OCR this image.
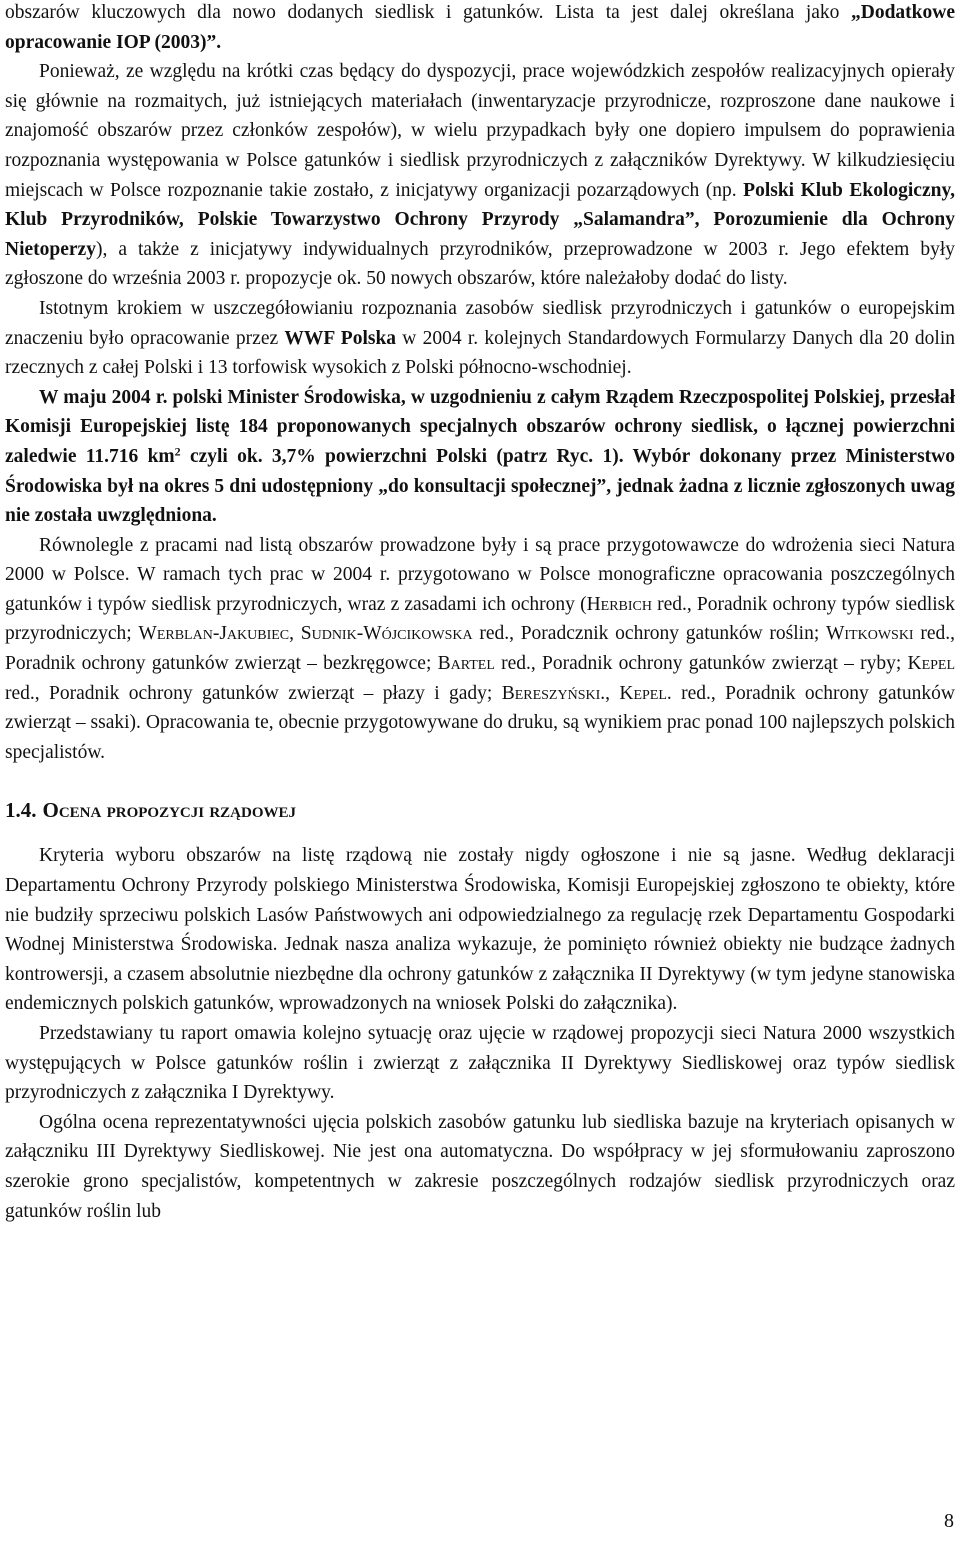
obszarów kluczowych dla nowo dodanych siedlisk i gatunków. Lista ta jest dalej określana jako „Dodatkowe opracowanie IOP (2003)”.

Ponieważ, ze względu na krótki czas będący do dyspozycji, prace wojewódzkich zespołów realizacyjnych opierały się głównie na rozmaitych, już istniejących materiałach (inwentaryzacje przyrodnicze, rozproszone dane naukowe i znajomość obszarów przez członków zespołów), w wielu przypadkach były one dopiero impulsem do poprawienia rozpoznania występowania w Polsce gatunków i siedlisk przyrodniczych z załączników Dyrektywy. W kilkudziesięciu miejscach w Polsce rozpoznanie takie zostało, z inicjatywy organizacji pozarządowych (np. Polski Klub Ekologiczny, Klub Przyrodników, Polskie Towarzystwo Ochrony Przyrody „Salamandra”, Porozumienie dla Ochrony Nietoperzy), a także z inicjatywy indywidualnych przyrodników, przeprowadzone w 2003 r. Jego efektem były zgłoszone do września 2003 r. propozycje ok. 50 nowych obszarów, które należałoby dodać do listy.

Istotnym krokiem w uszczegółowianiu rozpoznania zasobów siedlisk przyrodniczych i gatunków o europejskim znaczeniu było opracowanie przez WWF Polska w 2004 r. kolejnych Standardowych Formularzy Danych dla 20 dolin rzecznych z całej Polski i 13 torfowisk wysokich z Polski północno-wschodniej.

W maju 2004 r. polski Minister Środowiska, w uzgodnieniu z całym Rządem Rzeczpospolitej Polskiej, przesłał Komisji Europejskiej listę 184 proponowanych specjalnych obszarów ochrony siedlisk, o łącznej powierzchni zaledwie 11.716 $km^2$ czyli ok. 3,7% powierzchni Polski (patrz Ryc. 1). Wybór dokonany przez Ministerstwo Środowiska był na okres 5 dni udostępniony „do konsultacji społecznej”, jednak żadna z licznie zgłoszonych uwag nie została uwzględniona.

Równolegle z pracami nad listą obszarów prowadzone były i są prace przygotowawcze do wdrożenia sieci Natura 2000 w Polsce. W ramach tych prac w 2004 r. przygotowano w Polsce monograficzne opracowania poszczególnych gatunków i typów siedlisk przyrodniczych, wraz z zasadami ich ochrony (Herbich red., Poradnik ochrony typów siedlisk przyrodniczych; Werblan-Jakubiec, Sudnik-Wójcikowska red., Poradcznik ochrony gatunków roślin; Witkowski red., Poradnik ochrony gatunków zwierząt – bezkręgowce; Bartel red., Poradnik ochrony gatunków zwierząt – ryby; Kepel red., Poradnik ochrony gatunków zwierząt – płazy i gady; Bereszyński., Kepel. red., Poradnik ochrony gatunków zwierząt – ssaki). Opracowania te, obecnie przygotowywane do druku, są wynikiem prac ponad 100 najlepszych polskich specjalistów.

1.4. Ocena propozycji rządowej

Kryteria wyboru obszarów na listę rządową nie zostały nigdy ogłoszone i nie są jasne. Według deklaracji Departamentu Ochrony Przyrody polskiego Ministerstwa Środowiska, Komisji Europejskiej zgłoszono te obiekty, które nie budziły sprzeciwu polskich Lasów Państwowych ani odpowiedzialnego za regulację rzek Departamentu Gospodarki Wodnej Ministerstwa Środowiska. Jednak nasza analiza wykazuje, że pominięto również obiekty nie budzące żadnych kontrowersji, a czasem absolutnie niezbędne dla ochrony gatunków z załącznika II Dyrektywy (w tym jedyne stanowiska endemicznych polskich gatunków, wprowadzonych na wniosek Polski do załącznika).

Przedstawiany tu raport omawia kolejno sytuację oraz ujęcie w rządowej propozycji sieci Natura 2000 wszystkich występujących w Polsce gatunków roślin i zwierząt z załącznika II Dyrektywy Siedliskowej oraz typów siedlisk przyrodniczych z załącznika I Dyrektywy.

Ogólna ocena reprezentatywności ujęcia polskich zasobów gatunku lub siedliska bazuje na kryteriach opisanych w załączniku III Dyrektywy Siedliskowej. Nie jest ona automatyczna. Do współpracy w jej sformułowaniu zaproszono szerokie grono specjalistów, kompetentnych w zakresie poszczególnych rodzajów siedlisk przyrodniczych oraz gatunków roślin lub

8
